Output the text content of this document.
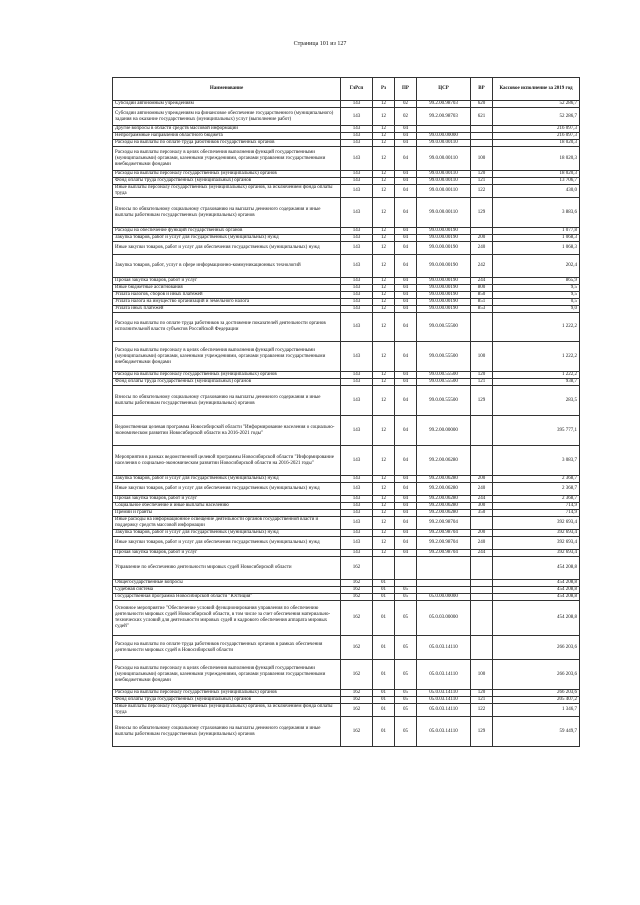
Страница 101 из 127
Наименование	ГлРсп	Рз	ПР	ЦСР	ВР	Кассовое исполнение за 2019 год
Субсидии автономным учреждениям	143	12	02	99.2.00.98703	620	52 286,7
Субсидии автономным учреждениям на финансовое обеспечение государственного (муниципального) задания на оказание государственных (муниципальных) услуг (выполнение работ)	143	12	02	99.2.00.98703	621	52 286,7
Другие вопросы в области средств массовой информации	143	12	04			216 097,3
Непрограммные направления областного бюджета	143	12	04	99.0.00.00000		216 097,3
Расходы на выплаты по оплате труда работников государственных органов	143	12	04	99.0.00.00110		18 020,3
Расходы на выплаты персоналу в целях обеспечения выполнения функций государственными (муниципальными) органами, казенными учреждениями, органами управления государственными внебюджетными фондами	143	12	04	99.0.00.00110	100	18 020,3
Расходы на выплаты персоналу государственных (муниципальных) органов	143	12	04	99.0.00.00110	120	18 020,3
Фонд оплаты труда государственных (муниципальных) органов	143	12	04	99.0.00.00110	121	13 706,7
Иные выплаты персоналу государственных (муниципальных) органов, за исключением фонда оплаты труда	143	12	04	99.0.00.00110	122	430,0
Взносы по обязательному социальному страхованию на выплаты денежного содержания и иные выплаты работникам государственных (муниципальных) органов	143	12	04	99.0.00.00110	129	3 883,6
Расходы на обеспечение функций государственных органов	143	12	04	99.0.00.00190		1 077,8
Закупка товаров, работ и услуг для государственных (муниципальных) нужд	143	12	04	99.0.00.00190	200	1 068,3
Иные закупки товаров, работ и услуг для обеспечения государственных (муниципальных) нужд	143	12	04	99.0.00.00190	240	1 068,3
Закупка товаров, работ, услуг в сфере информационно-коммуникационных технологий	143	12	04	99.0.00.00190	242	202,4
Прочая закупка товаров, работ и услуг	143	12	04	99.0.00.00190	244	865,9
Иные бюджетные ассигнования	143	12	04	99.0.00.00190	800	9,5
Уплата налогов, сборов и иных платежей	143	12	04	99.0.00.00190	850	9,5
Уплата налога на имущество организаций и земельного налога	143	12	04	99.0.00.00190	851	0,5
Уплата иных платежей	143	12	04	99.0.00.00190	853	9,0
Расходы на выплаты по оплате труда работников за достижение показателей деятельности органов исполнительной власти субъектов Российской Федерации	143	12	04	99.0.00.55500		1 222,2
Расходы на выплаты персоналу в целях обеспечения выполнения функций государственными (муниципальными) органами, казенными учреждениями, органами управления государственными внебюджетными фондами	143	12	04	99.0.00.55500	100	1 222,2
Расходы на выплаты персоналу государственных (муниципальных) органов	143	12	04	99.0.00.55500	120	1 222,2
Фонд оплаты труда государственных (муниципальных) органов	143	12	04	99.0.00.55500	121	938,7
Взносы по обязательному социальному страхованию на выплаты денежного содержания и иные выплаты работникам государственных (муниципальных) органов	143	12	04	99.0.00.55500	129	283,5
Ведомственная целевая программа Новосибирской области "Информирование населения о социально-экономическом развитии Новосибирской области на 2016-2021 годы"	143	12	04	99.2.00.00000		395 777,1
Мероприятия в рамках ведомственной целевой программы Новосибирской области "Информирование населения о социально-экономическом развитии Новосибирской области на 2016-2021 годы"	143	12	04	99.2.00.06280		3 083,7
Закупка товаров, работ и услуг для государственных (муниципальных) нужд	143	12	04	99.2.00.06280	200	2 368,7
Иные закупки товаров, работ и услуг для обеспечения государственных (муниципальных) нужд	143	12	04	99.2.00.06280	240	2 368,7
Прочая закупка товаров, работ и услуг	143	12	04	99.2.00.06280	244	2 368,7
Социальное обеспечение и иные выплаты населению	143	12	04	99.2.00.06280	300	714,9
Премии и гранты	143	12	04	99.2.00.06280	350	714,9
Иные расходы на информационное освещение деятельности органов государственной власти и поддержку средств массовой информации	143	12	04	99.2.00.98704		392 693,4
Закупка товаров, работ и услуг для государственных (муниципальных) нужд	143	12	04	99.2.00.98704	200	392 693,4
Иные закупки товаров, работ и услуг для обеспечения государственных (муниципальных) нужд	143	12	04	99.2.00.98704	240	392 693,4
Прочая закупка товаров, работ и услуг	143	12	04	99.2.00.98704	244	392 693,4
Управление по обеспечению деятельности мировых судей Новосибирской области	162					454 208,8
Общегосударственные вопросы	162	01				454 208,8
Судебная система	162	01	05			454 208,8
Государственная программа Новосибирской области "Юстиция"	162	01	05	05.0.00.00000		454 208,8
Основное мероприятие "Обеспечение условий функционирования управления по обеспечению деятельности мировых судей Новосибирской области, в том числе за счет обеспечения материально-технических условий для деятельности мировых судей и кадрового обеспечения аппарата мировых судей"	162	01	05	05.0.03.00000		454 208,8
Расходы на выплаты по оплате труда работников государственных органов в рамках обеспечения деятельности мировых судей в Новосибирской области	162	01	05	05.0.03.14110		266 203,6
Расходы на выплаты персоналу в целях обеспечения выполнения функций государственными (муниципальными) органами, казенными учреждениями, органами управления государственными внебюджетными фондами	162	01	05	05.0.03.14110	100	266 203,6
Расходы на выплаты персоналу государственных (муниципальных) органов	162	01	05	05.0.03.14110	120	266 203,6
Фонд оплаты труда государственных (муниципальных) органов	162	01	05	05.0.03.14110	121	205 407,2
Иные выплаты персоналу государственных (муниципальных) органов, за исключением фонда оплаты труда	162	01	05	05.0.03.14110	122	1 346,7
Взносы по обязательному социальному страхованию на выплаты денежного содержания и иные выплаты работникам государственных (муниципальных) органов	162	01	05	05.0.03.14110	129	59 449,7
